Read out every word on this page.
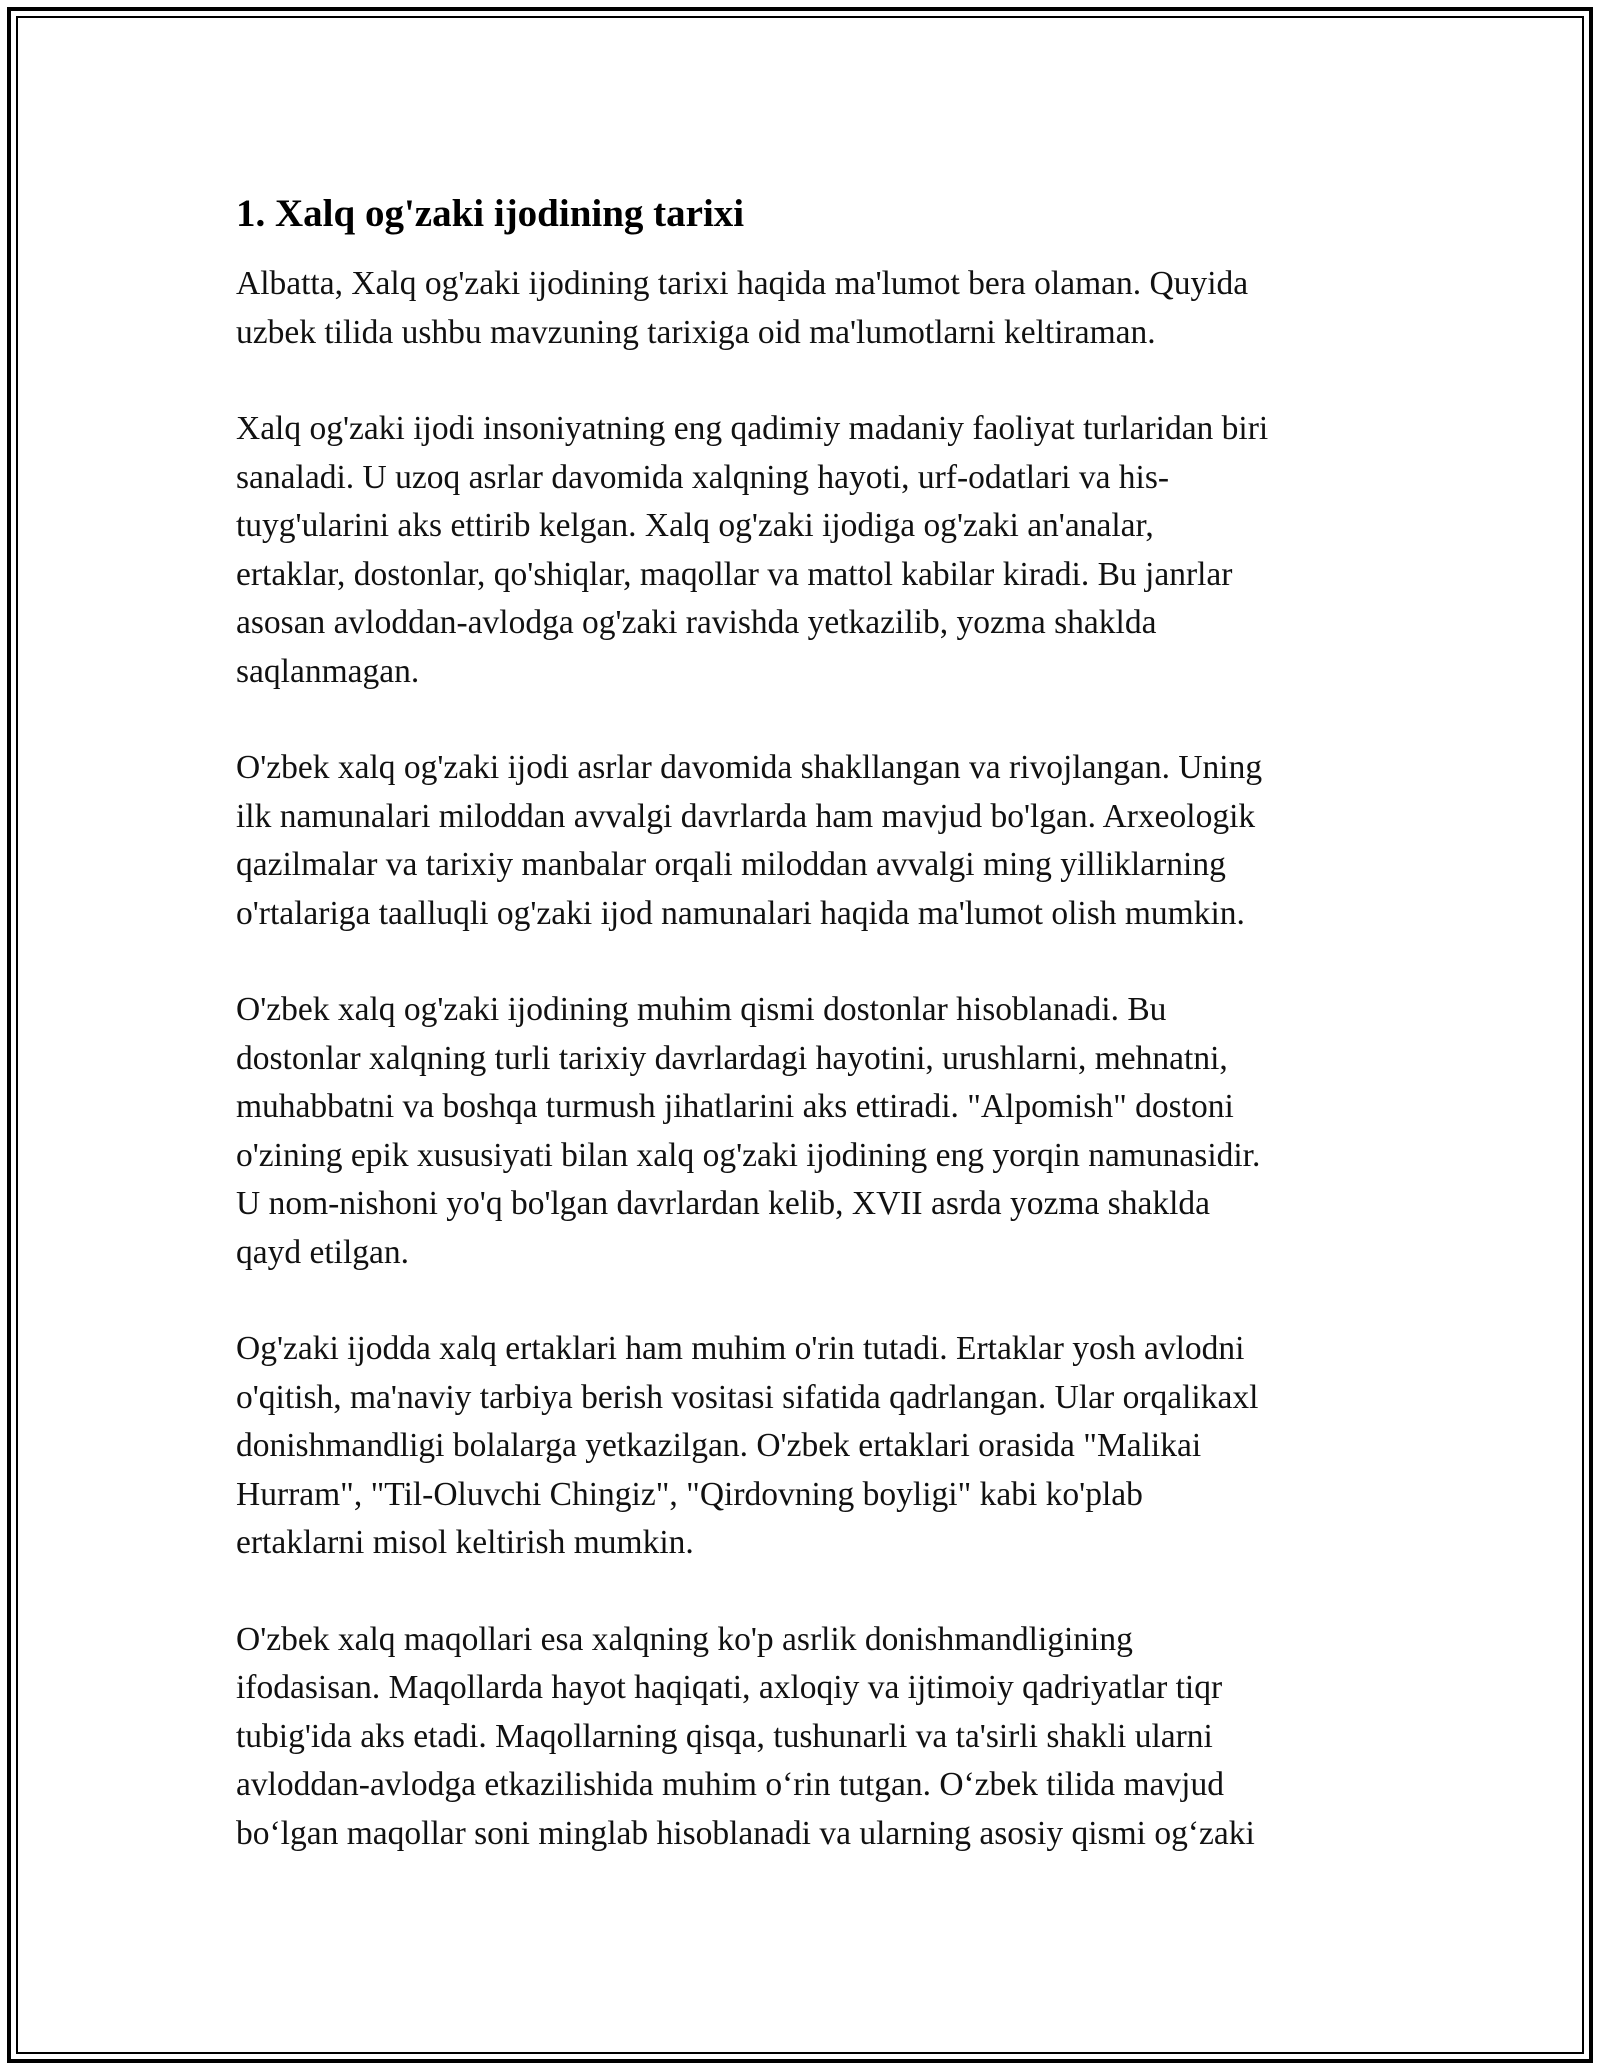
1. Xalq og'zaki ijodining tarixi

Albatta, Xalq og'zaki ijodining tarixi haqida ma'lumot bera olaman. Quyida
uzbek tilida ushbu mavzuning tarixiga oid ma'lumotlarni keltiraman.

Xalq og'zaki ijodi insoniyatning eng qadimiy madaniy faoliyat turlaridan biri
sanaladi. U uzoq asrlar davomida xalqning hayoti, urf-odatlari va his-
tuyg'ularini aks ettirib kelgan. Xalq og'zaki ijodiga og'zaki an'analar,
ertaklar, dostonlar, qo'shiqlar, maqollar va mattol kabilar kiradi. Bu janrlar
asosan avloddan-avlodga og'zaki ravishda yetkazilib, yozma shaklda
saqlanmagan.

O'zbek xalq og'zaki ijodi asrlar davomida shakllangan va rivojlangan. Uning
ilk namunalari miloddan avvalgi davrlarda ham mavjud bo'lgan. Arxeologik
qazilmalar va tarixiy manbalar orqali miloddan avvalgi ming yilliklarning
o'rtalariga taalluqli og'zaki ijod namunalari haqida ma'lumot olish mumkin.

O'zbek xalq og'zaki ijodining muhim qismi dostonlar hisoblanadi. Bu
dostonlar xalqning turli tarixiy davrlardagi hayotini, urushlarni, mehnatni,
muhabbatni va boshqa turmush jihatlarini aks ettiradi. "Alpomish" dostoni
o'zining epik xususiyati bilan xalq og'zaki ijodining eng yorqin namunasidir.
U nom-nishoni yo'q bo'lgan davrlardan kelib, XVII asrda yozma shaklda
qayd etilgan.

Og'zaki ijodda xalq ertaklari ham muhim o'rin tutadi. Ertaklar yosh avlodni
o'qitish, ma'naviy tarbiya berish vositasi sifatida qadrlangan. Ular orqalikaxl
donishmandligi bolalarga yetkazilgan. O'zbek ertaklari orasida "Malikai
Hurram", "Til-Oluvchi Chingiz", "Qirdovning boyligi" kabi ko'plab
ertaklarni misol keltirish mumkin.

O'zbek xalq maqollari esa xalqning ko'p asrlik donishmandligining
ifodasisan. Maqollarda hayot haqiqati, axloqiy va ijtimoiy qadriyatlar tiqr
tubig'ida aks etadi. Maqollarning qisqa, tushunarli va ta'sirli shakli ularni
avloddan-avlodga etkazilishida muhim o‘rin tutgan. O‘zbek tilida mavjud
bo‘lgan maqollar soni minglab hisoblanadi va ularning asosiy qismi og‘zaki
